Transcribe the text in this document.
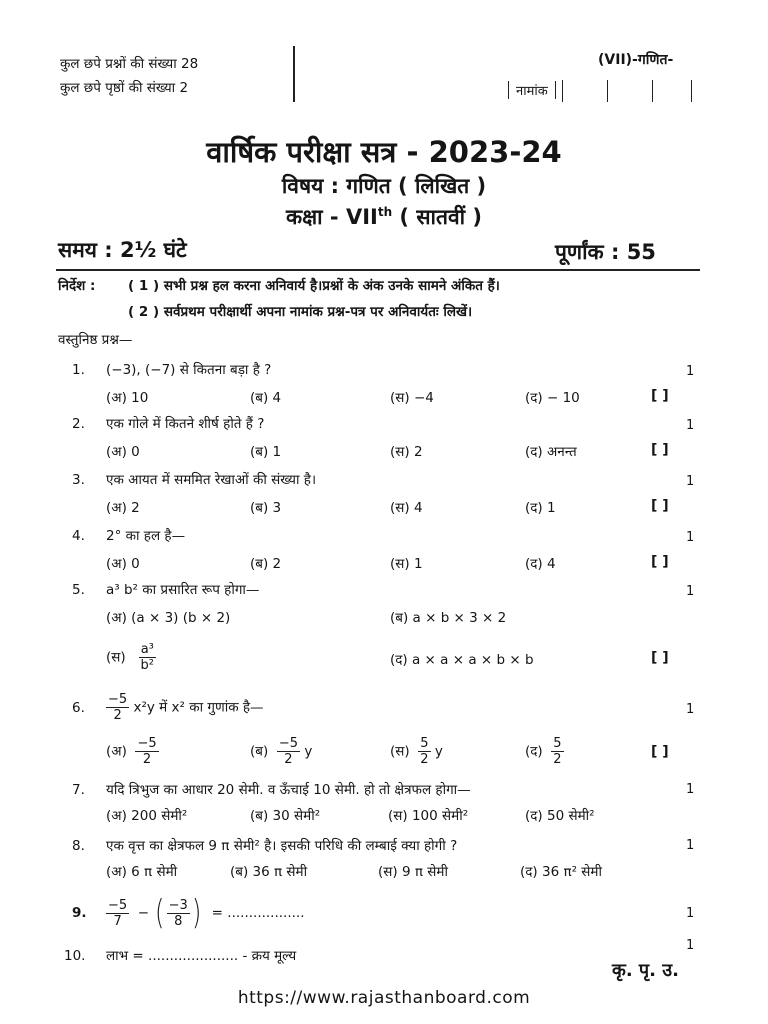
कुल छपे प्रश्नों की संख्या 28
कुल छपे पृष्ठों की संख्या 2
(VII)-गणित-
नामांक
वार्षिक परीक्षा सत्र - 2023-24
विषय : गणित ( लिखित )
कक्षा - VIIth ( सातवीं )
समय : 2½ घंटे	पूर्णांक : 55
निर्देश : ( 1 ) सभी प्रश्न हल करना अनिवार्य है।प्रश्नों के अंक उनके सामने अंकित हैं।
( 2 ) सर्वप्रथम परीक्षार्थी अपना नामांक प्रश्न-पत्र पर अनिवार्यतः लिखें।
वस्तुनिष्ठ प्रश्न—
1. (−3), (−7) से कितना बड़ा है ?	1
(अ) 10	(ब) 4	(स) −4	(द) − 10	[ ]
2. एक गोले में कितने शीर्ष होते हैं ?	1
(अ) 0	(ब) 1	(स) 2	(द) अनन्त	[ ]
3. एक आयत में सममित रेखाओं की संख्या है।	1
(अ) 2	(ब) 3	(स) 4	(द) 1	[ ]
4. 2° का हल है—	1
(अ) 0	(ब) 2	(स) 1	(द) 4	[ ]
5. a³ b² का प्रसारित रूप होगा—	1
(अ) (a × 3) (b × 2)	(ब) a × b × 3 × 2
(स) $\frac{\text{a³}}{\text{b²}}$	(द) a × a × a × b × b	[ ]
6. $\frac{-5}{2} x^2y$ में x² का गुणांक है—	1
(अ) $\frac{-5}{2}$	(ब) $\frac{-5}{2}$ y	(स) $\frac{5}{2}$ y	(द) $\frac{5}{2}$	[ ]
7. यदि त्रिभुज का आधार 20 सेमी. व ऊँचाई 10 सेमी. हो तो क्षेत्रफल होगा—	1
(अ) 200 सेमी²	(ब) 30 सेमी²	(स) 100 सेमी²	(द) 50 सेमी²
8. एक वृत्त का क्षेत्रफल 9 π सेमी² है। इसकी परिधि की लम्बाई क्या होगी ?	1
(अ) 6 π सेमी	(ब) 36 π सेमी	(स) 9 π सेमी	(द) 36 π² सेमी
9. $\frac{-5}{7}$ − ( $\frac{-3}{8}$ ) = ..................	1
10. लाभ = ..................... - क्रय मूल्य
1
कृ. पृ. उ.
https://www.rajasthanboard.com
